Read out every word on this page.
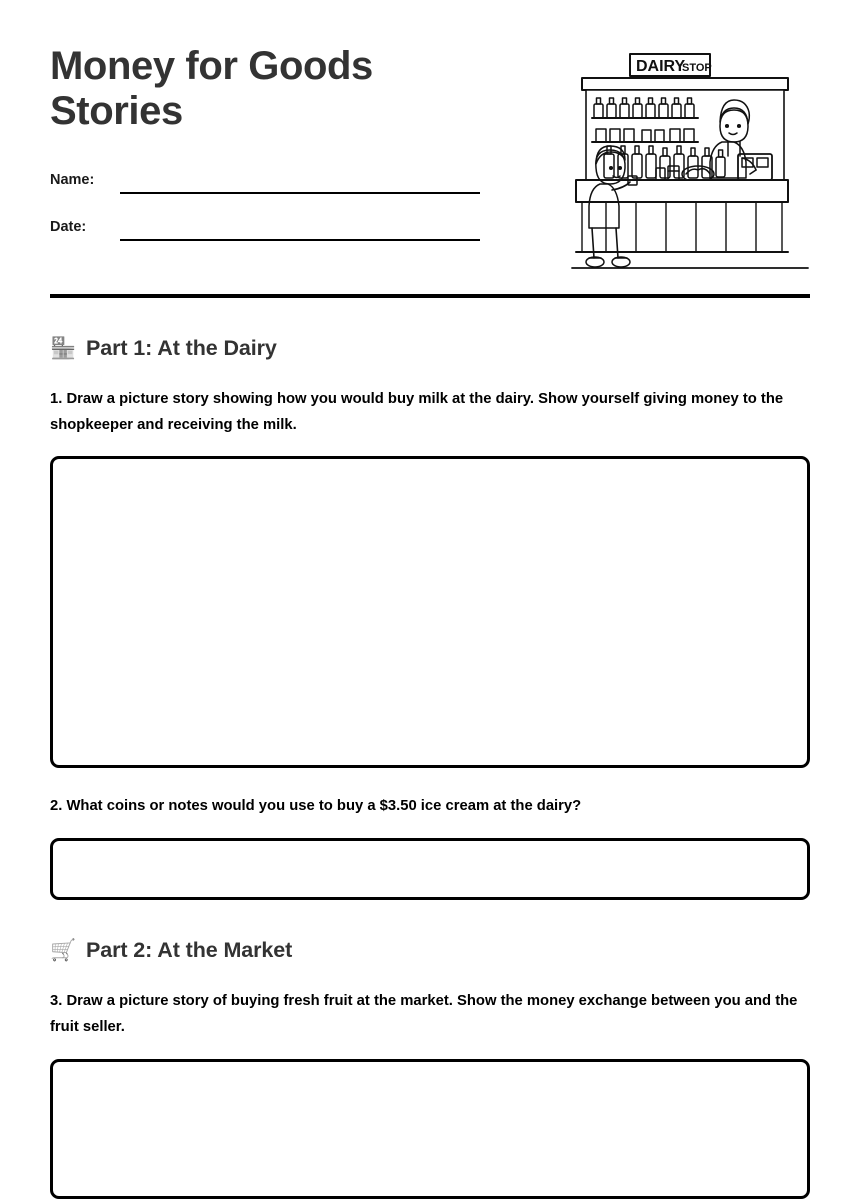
Money for Goods Stories
Name:
Date:
DAIRY
STOP
🏪 Part 1: At the Dairy

1. Draw a picture story showing how you would buy milk at the dairy. Show yourself giving money to the shopkeeper and receiving the milk.

2. What coins or notes would you use to buy a $3.50 ice cream at the dairy?

🛒 Part 2: At the Market

3. Draw a picture story of buying fresh fruit at the market. Show the money exchange between you and the fruit seller.
